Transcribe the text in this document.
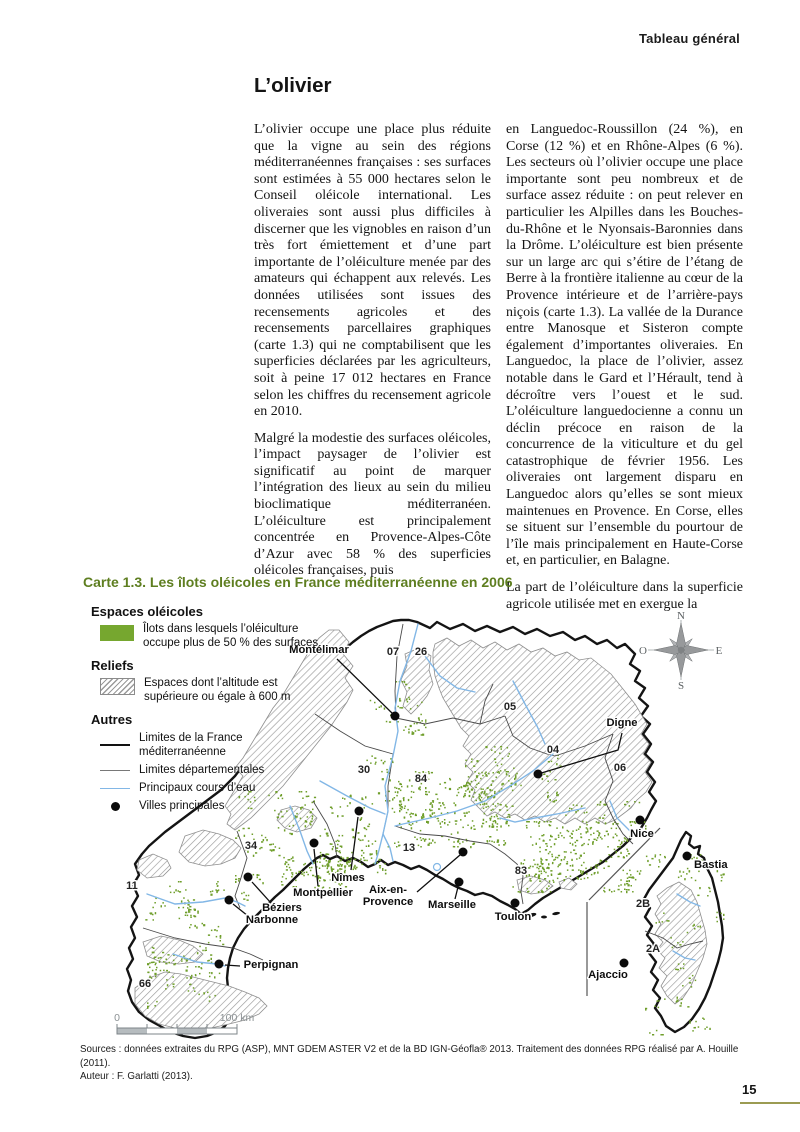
Tableau général
L’olivier

L’olivier occupe une place plus réduite que la vigne au sein des régions méditerranéennes françaises : ses surfaces sont estimées à 55 000 hectares selon le Conseil oléicole international. Les oliveraies sont aussi plus difficiles à discerner que les vignobles en raison d’un très fort émiettement et d’une part importante de l’oléiculture menée par des amateurs qui échappent aux relevés. Les données utilisées sont issues des recensements agricoles et des recensements parcellaires graphiques (carte 1.3) qui ne comptabilisent que les superficies déclarées par les agriculteurs, soit à peine 17 012 hectares en France selon les chiffres du recensement agricole en 2010.

Malgré la modestie des surfaces oléicoles, l’impact paysager de l’olivier est significatif au point de marquer l’intégration des lieux au sein du milieu bioclimatique méditerranéen. L’oléiculture est principalement concentrée en Provence-Alpes-Côte d’Azur avec 58 % des superficies oléicoles françaises, puis

en Languedoc-Roussillon (24 %), en Corse (12 %) et en Rhône-Alpes (6 %). Les secteurs où l’olivier occupe une place importante sont peu nombreux et de surface assez réduite : on peut relever en particulier les Alpilles dans les Bouches-du-Rhône et le Nyonsais-Baronnies dans la Drôme. L’oléiculture est bien présente sur un large arc qui s’étire de l’étang de Berre à la frontière italienne au cœur de la Provence intérieure et de l’arrière-pays niçois (carte 1.3). La vallée de la Durance entre Manosque et Sisteron compte également d’importantes oliveraies. En Languedoc, la place de l’olivier, assez notable dans le Gard et l’Hérault, tend à décroître vers l’ouest et le sud. L’oléiculture languedocienne a connu un déclin précoce en raison de la concurrence de la viticulture et du gel catastrophique de février 1956. Les oliveraies ont largement disparu en Languedoc alors qu’elles se sont mieux maintenues en Provence. En Corse, elles se situent sur l’ensemble du pourtour de l’île mais principalement en Haute-Corse et, en particulier, en Balagne.

La part de l’oléiculture dans la superficie agricole utilisée met en exergue la

Carte 1.3. Les îlots oléicoles en France méditerranéenne en 2006
07 26
05
04
06
30
84
34	13
83
11
66
2B
2A
Montélimar
Digne
Nice
Bastia
Nîmes
Montpellier	Aix-en-Provence Marseille
Toulon
Béziers
Narbonne
Perpignan
Ajaccio
N
S
E
O
0	100 km
Espaces oléicoles
Îlots dans lesquels l’oléiculture occupe plus de 50 % des surfaces
Reliefs
Espaces dont l’altitude est supérieure ou égale à 600 m
Autres
Limites de la France méditerranéenne
Limites départementales
Principaux cours d’eau
Villes principales
Sources : données extraites du RPG (ASP), MNT GDEM ASTER V2 et de la BD IGN-Géofla® 2013. Traitement des données RPG réalisé par A. Houille (2011).
Auteur : F. Garlatti (2013).
15
